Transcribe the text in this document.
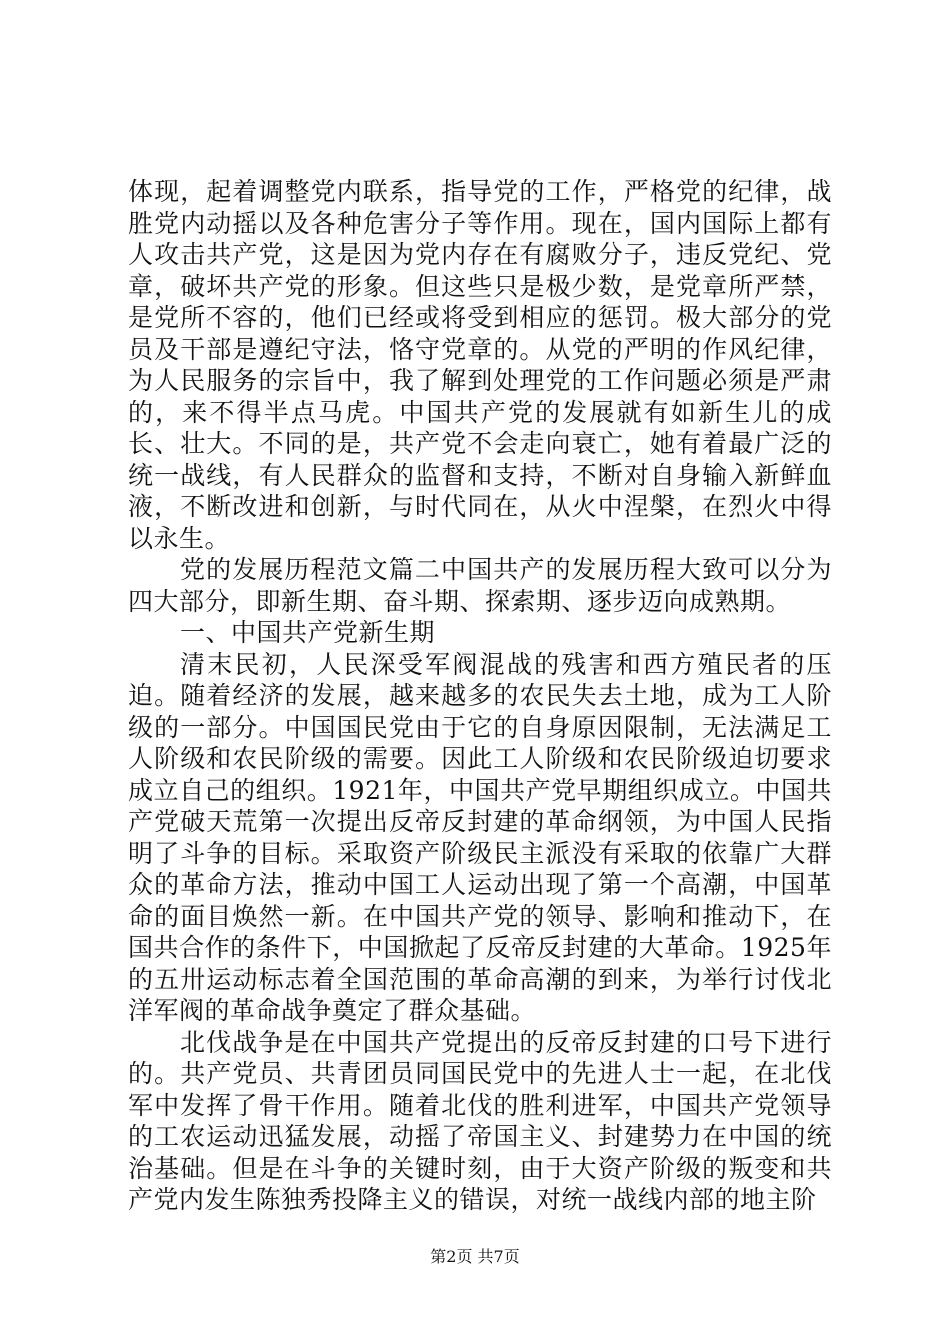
体现，起着调整党内联系，指导党的工作，严格党的纪律，战胜党内动摇以及各种危害分子等作用。现在，国内国际上都有人攻击共产党，这是因为党内存在有腐败分子，违反党纪、党章，破坏共产党的形象。但这些只是极少数，是党章所严禁，是党所不容的，他们已经或将受到相应的惩罚。极大部分的党员及干部是遵纪守法，恪守党章的。从党的严明的作风纪律，为人民服务的宗旨中，我了解到处理党的工作问题必须是严肃的，来不得半点马虎。中国共产党的发展就有如新生儿的成长、壮大。不同的是，共产党不会走向衰亡，她有着最广泛的统一战线，有人民群众的监督和支持，不断对自身输入新鲜血液，不断改进和创新，与时代同在，从火中涅槃，在烈火中得以永生。

党的发展历程范文篇二中国共产的发展历程大致可以分为四大部分，即新生期、奋斗期、探索期、逐步迈向成熟期。

一、中国共产党新生期

清末民初，人民深受军阀混战的残害和西方殖民者的压迫。随着经济的发展，越来越多的农民失去土地，成为工人阶级的一部分。中国国民党由于它的自身原因限制，无法满足工人阶级和农民阶级的需要。因此工人阶级和农民阶级迫切要求成立自己的组织。1921年，中国共产党早期组织成立。中国共产党破天荒第一次提出反帝反封建的革命纲领，为中国人民指明了斗争的目标。采取资产阶级民主派没有采取的依靠广大群众的革命方法，推动中国工人运动出现了第一个高潮，中国革命的面目焕然一新。在中国共产党的领导、影响和推动下，在国共合作的条件下，中国掀起了反帝反封建的大革命。1925年的五卅运动标志着全国范围的革命高潮的到来，为举行讨伐北洋军阀的革命战争奠定了群众基础。

北伐战争是在中国共产党提出的反帝反封建的口号下进行的。共产党员、共青团员同国民党中的先进人士一起，在北伐军中发挥了骨干作用。随着北伐的胜利进军，中国共产党领导的工农运动迅猛发展，动摇了帝国主义、封建势力在中国的统治基础。但是在斗争的关键时刻，由于大资产阶级的叛变和共产党内发生陈独秀投降主义的错误，对统一战线内部的地主阶

第2页 共7页
